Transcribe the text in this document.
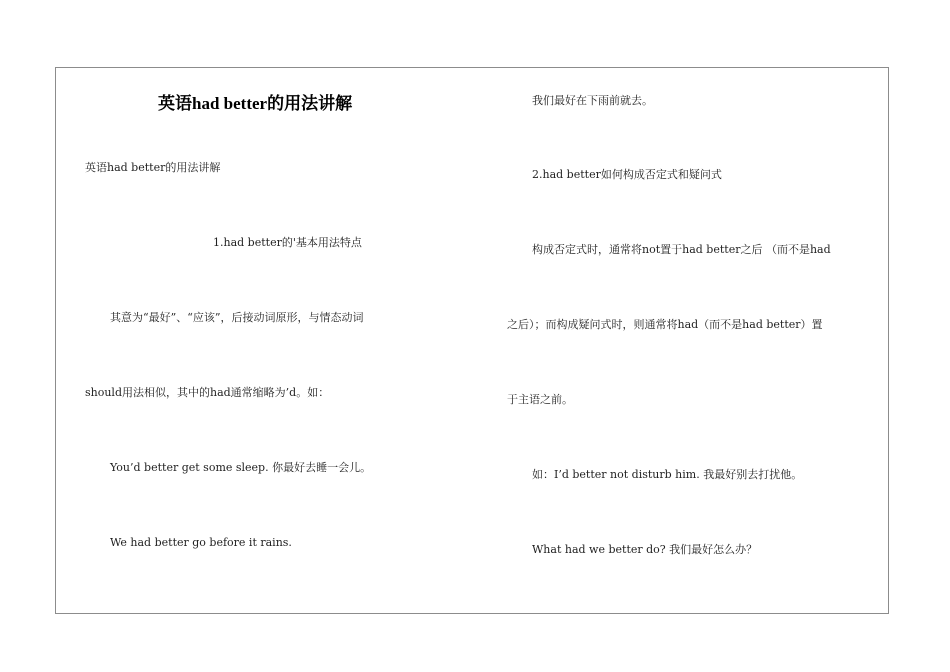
英语had better的用法讲解
英语had better的用法讲解
1.had better的'基本用法特点
其意为“最好”、“应该”，后接动词原形，与情态动词
should用法相似，其中的had通常缩略为’d。如：
You’d better get some sleep. 你最好去睡一会儿。
We had better go before it rains.
我们最好在下雨前就去。
2.had better如何构成否定式和疑问式
构成否定式时，通常将not置于had better之后 （而不是had
之后）；而构成疑问式时，则通常将had（而不是had better）置
于主语之前。
如：I’d better not disturb him. 我最好别去打扰他。
What had we better do? 我们最好怎么办？
